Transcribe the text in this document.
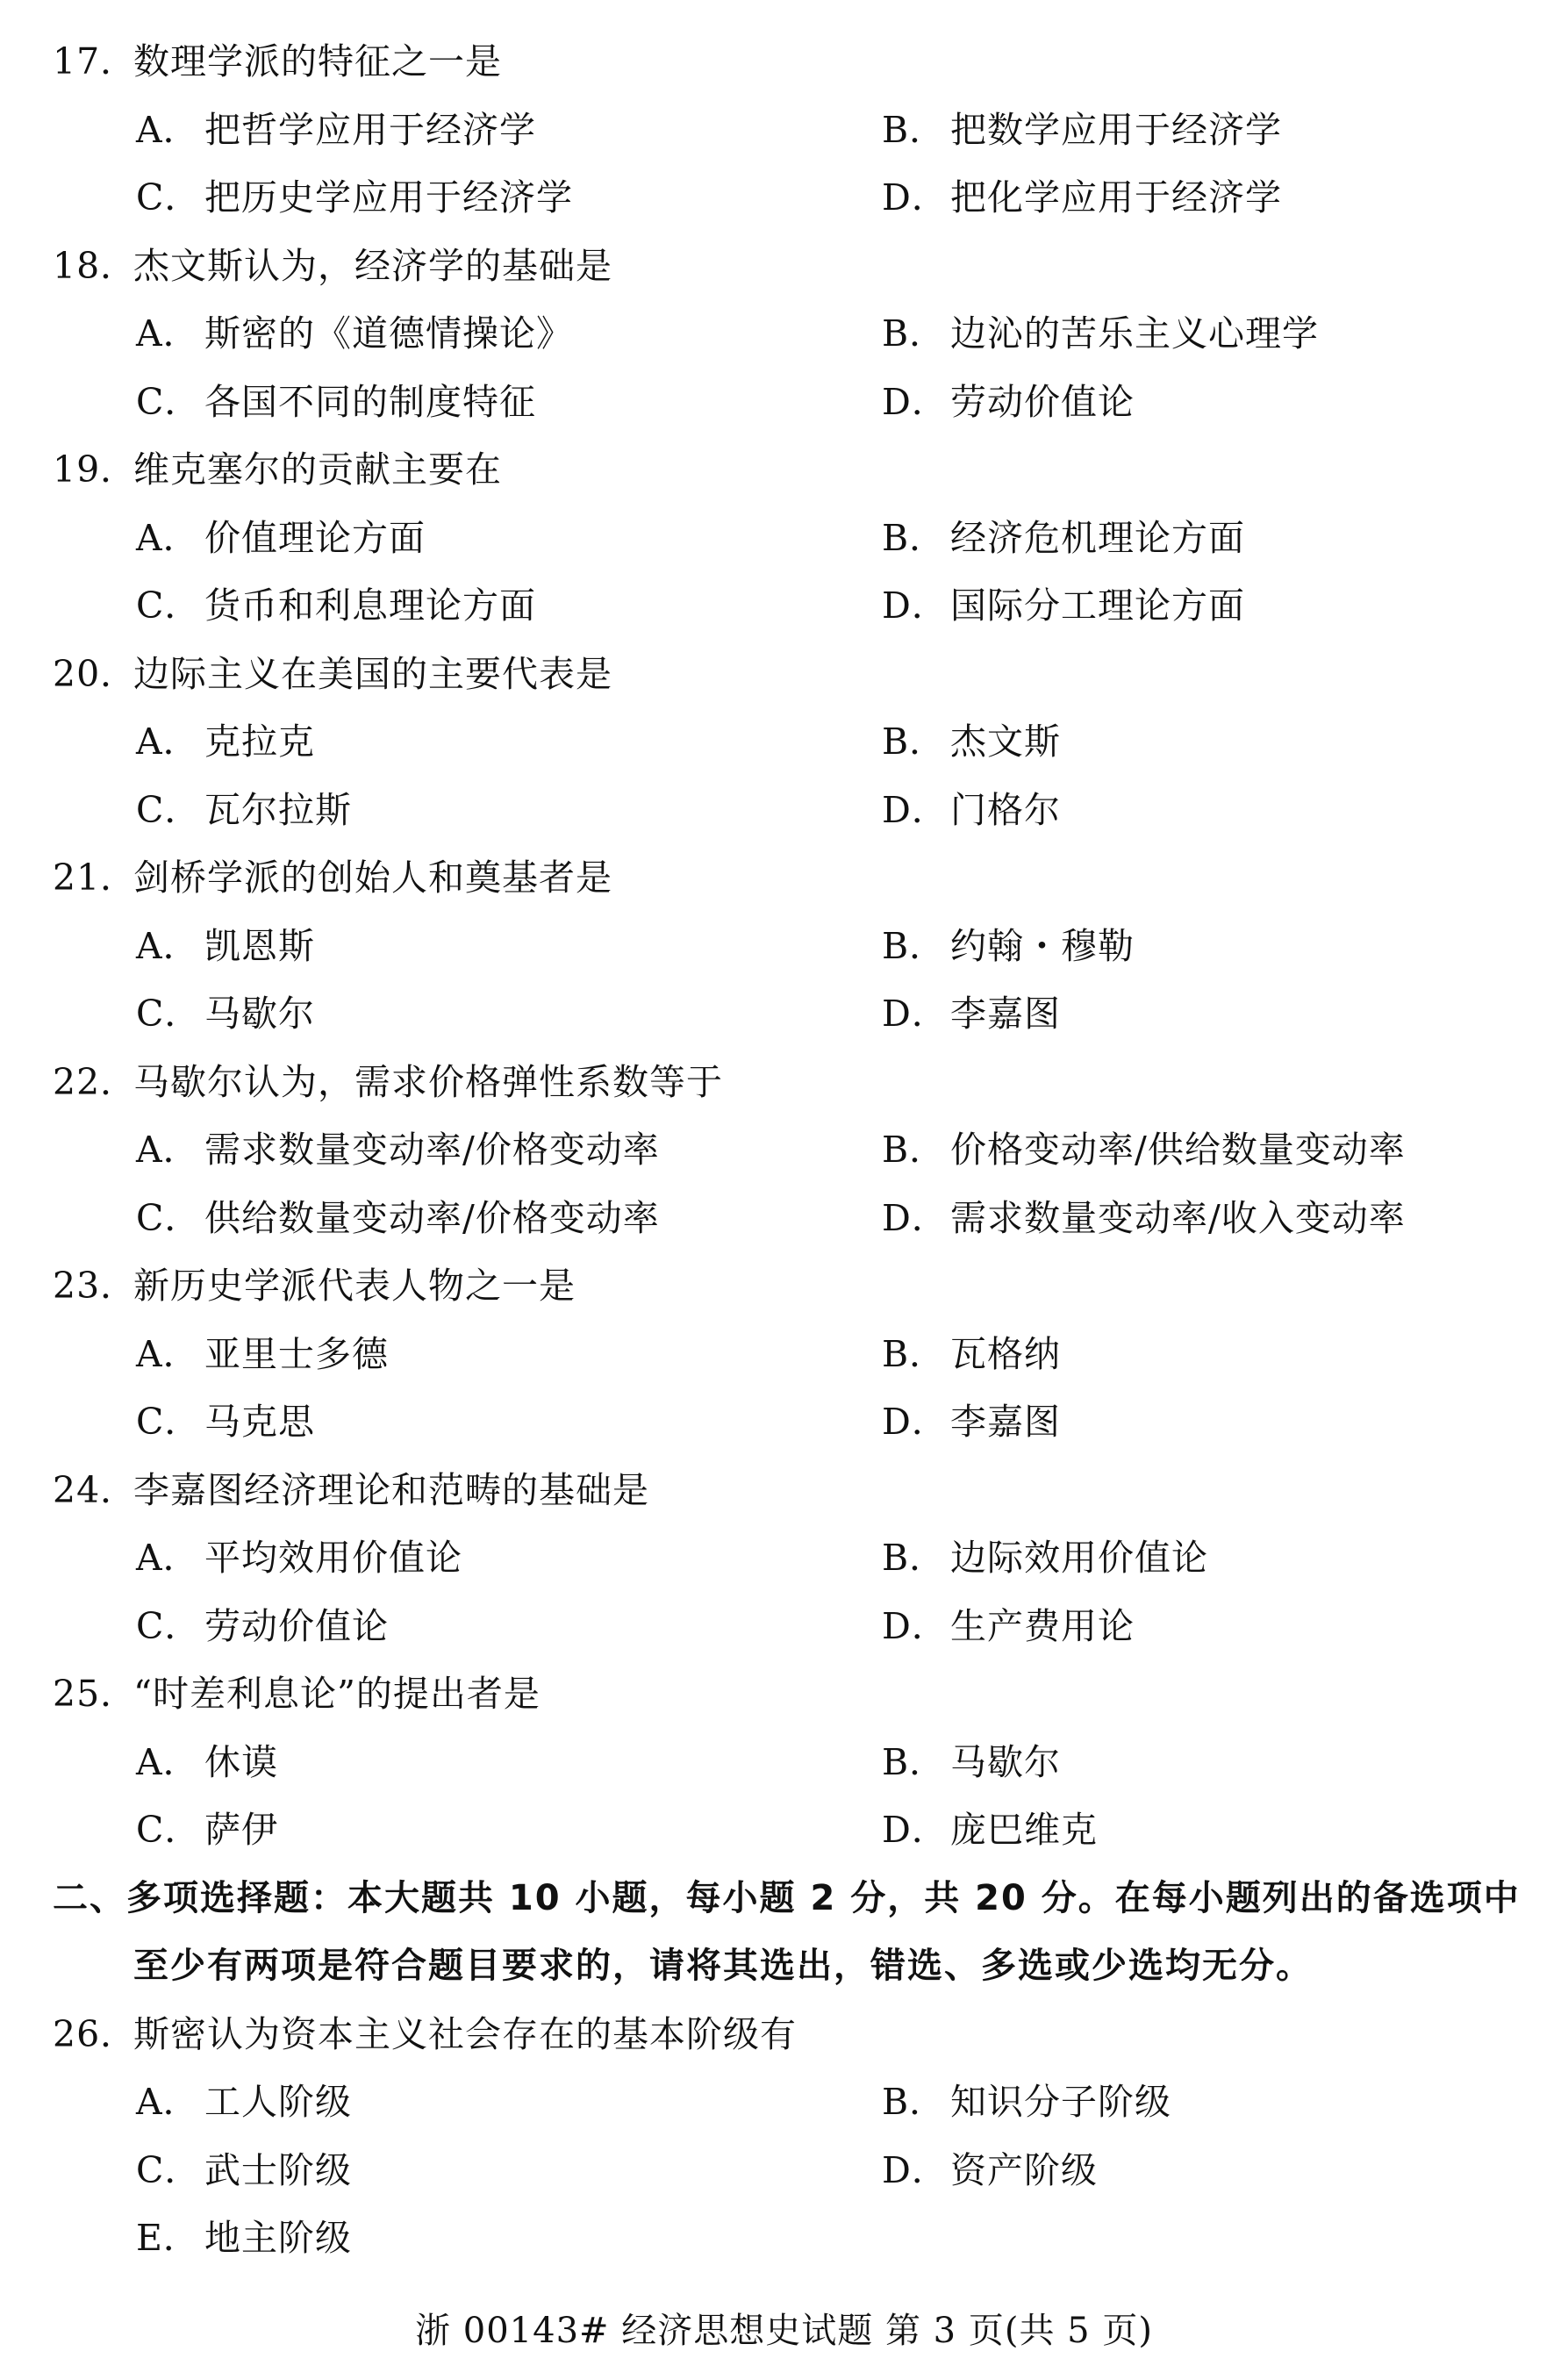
17．数理学派的特征之一是
A． 把哲学应用于经济学	B． 把数学应用于经济学
C．把历史学应用于经济学	D．把化学应用于经济学
18．杰文斯认为，经济学的基础是
A． 斯密的《道德情操论》	B． 边沁的苦乐主义心理学
C．各国不同的制度特征	D．劳动价值论
19．维克塞尔的贡献主要在
A． 价值理论方面	B． 经济危机理论方面
C．货币和利息理论方面	D．国际分工理论方面
20．边际主义在美国的主要代表是
A． 克拉克	B． 杰文斯
C．瓦尔拉斯	D．门格尔
21．剑桥学派的创始人和奠基者是
A． 凯恩斯	B． 约翰・穆勒
C．马歇尔	D．李嘉图
22．马歇尔认为，需求价格弹性系数等于
A． 需求数量变动率/价格变动率	B． 价格变动率/供给数量变动率
C．供给数量变动率/价格变动率	D．需求数量变动率/收入变动率
23．新历史学派代表人物之一是
A． 亚里士多德	B． 瓦格纳
C．马克思	D．李嘉图
24．李嘉图经济理论和范畴的基础是
A． 平均效用价值论	B． 边际效用价值论
C．劳动价值论	D．生产费用论
25．“时差利息论”的提出者是
A． 休谟	B． 马歇尔
C．萨伊	D．庞巴维克
二、多项选择题：本大题共 10 小题，每小题 2 分，共 20 分。在每小题列出的备选项中
至少有两项是符合题目要求的，请将其选出，错选、多选或少选均无分。
26．斯密认为资本主义社会存在的基本阶级有
A． 工人阶级	B． 知识分子阶级
C．武士阶级	D．资产阶级
E． 地主阶级
浙 00143# 经济思想史试题 第 3 页(共 5 页)
